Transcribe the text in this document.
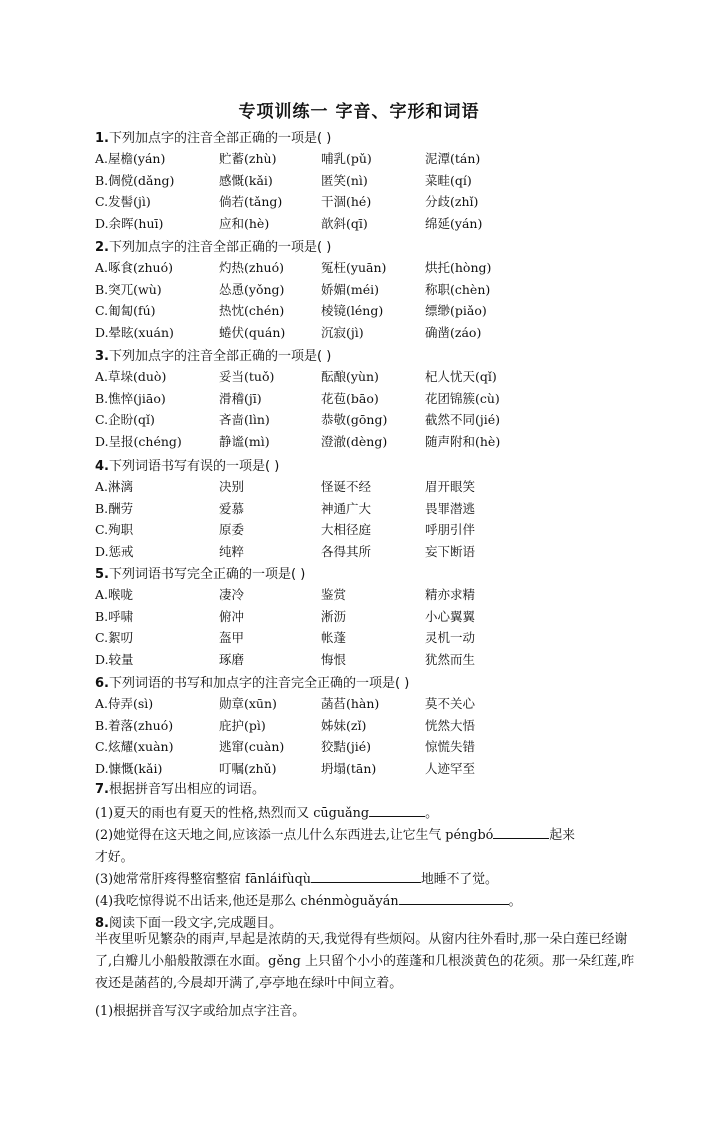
专项训练一 字音、字形和词语
1.下列加点字的注音全部正确的一项是( )
A.屋檐(yán)	贮蓄(zhù)	哺乳(pǔ)	泥潭(tán)
B.倜傥(dǎng)	感慨(kǎi)	匿笑(nì)	菜畦(qí)
C.发髻(jì)	倘若(tǎng)	干涸(hé)	分歧(zhǐ)
D.余晖(huī)	应和(hè)	歆斜(qī)	绵延(yán)
2.下列加点字的注音全部正确的一项是( )
A.啄食(zhuó)	灼热(zhuó)	冤枉(yuān)	烘托(hòng)
B.突兀(wù)	怂恿(yǒng)	娇媚(méi)	称职(chèn)
C.匍匐(fú)	热忱(chén)	棱镜(léng)	缥缈(piǎo)
D.晕眩(xuán)	蜷伏(quán)	沉寂(jì)	确凿(záo)
3.下列加点字的注音全部正确的一项是( )
A.草垛(duò)	妥当(tuǒ)	酝酿(yùn)	杞人忧天(qǐ)
B.憔悴(jiāo)	滑稽(jī)	花苞(bāo)	花团锦簇(cù)
C.企盼(qǐ)	吝啬(lìn)	恭敬(gōng)	截然不同(jié)
D.呈报(chéng)	静谧(mì)	澄澈(dèng)	随声附和(hè)
4.下列词语书写有误的一项是( )
A.淋漓	决别	怪诞不经	眉开眼笑
B.酬劳	爱慕	神通广大	畏罪潜逃
C.殉职	原委	大相径庭	呼朋引伴
D.惩戒	纯粹	各得其所	妄下断语
5.下列词语书写完全正确的一项是( )
A.喉咙	凄冷	鉴赏	精亦求精
B.呼啸	俯冲	淅沥	小心翼翼
C.絮叨	盔甲	帐蓬	灵机一动
D.较量	琢磨	悔恨	犹然而生
6.下列词语的书写和加点字的注音完全正确的一项是( )
A.侍弄(sì)	勋章(xūn)	菡萏(hàn)	莫不关心
B.着落(zhuó)	庇护(pì)	姊妹(zǐ)	恍然大悟
C.炫耀(xuàn)	逃窜(cuàn)	狡黠(jié)	惊慌失错
D.慷慨(kǎi)	叮嘱(zhǔ)	坍塌(tān)	人迹罕至
7.根据拼音写出相应的词语。
(1)夏天的雨也有夏天的性格,热烈而又 cūguǎng	。
(2)她觉得在这天地之间,应该添一点儿什么东西进去,让它生气 péngbó	起来
才好。
(3)她常常肝疼得整宿整宿 fānláifùqù	地睡不了觉。
(4)我吃惊得说不出话来,他还是那么 chénmòguǎyán	。
8.阅读下面一段文字,完成题目。
半夜里听见繁杂的雨声,早起是浓荫的天,我觉得有些烦闷。从窗内往外看时,那一朵白莲已经谢了,白瓣儿小船般散漂在水面。gěng 上只留个小小的莲蓬和几根淡黄色的花须。那一朵红莲,昨夜还是菡萏的,今晨却开满了,亭亭地在绿叶中间立着。
(1)根据拼音写汉字或给加点字注音。
